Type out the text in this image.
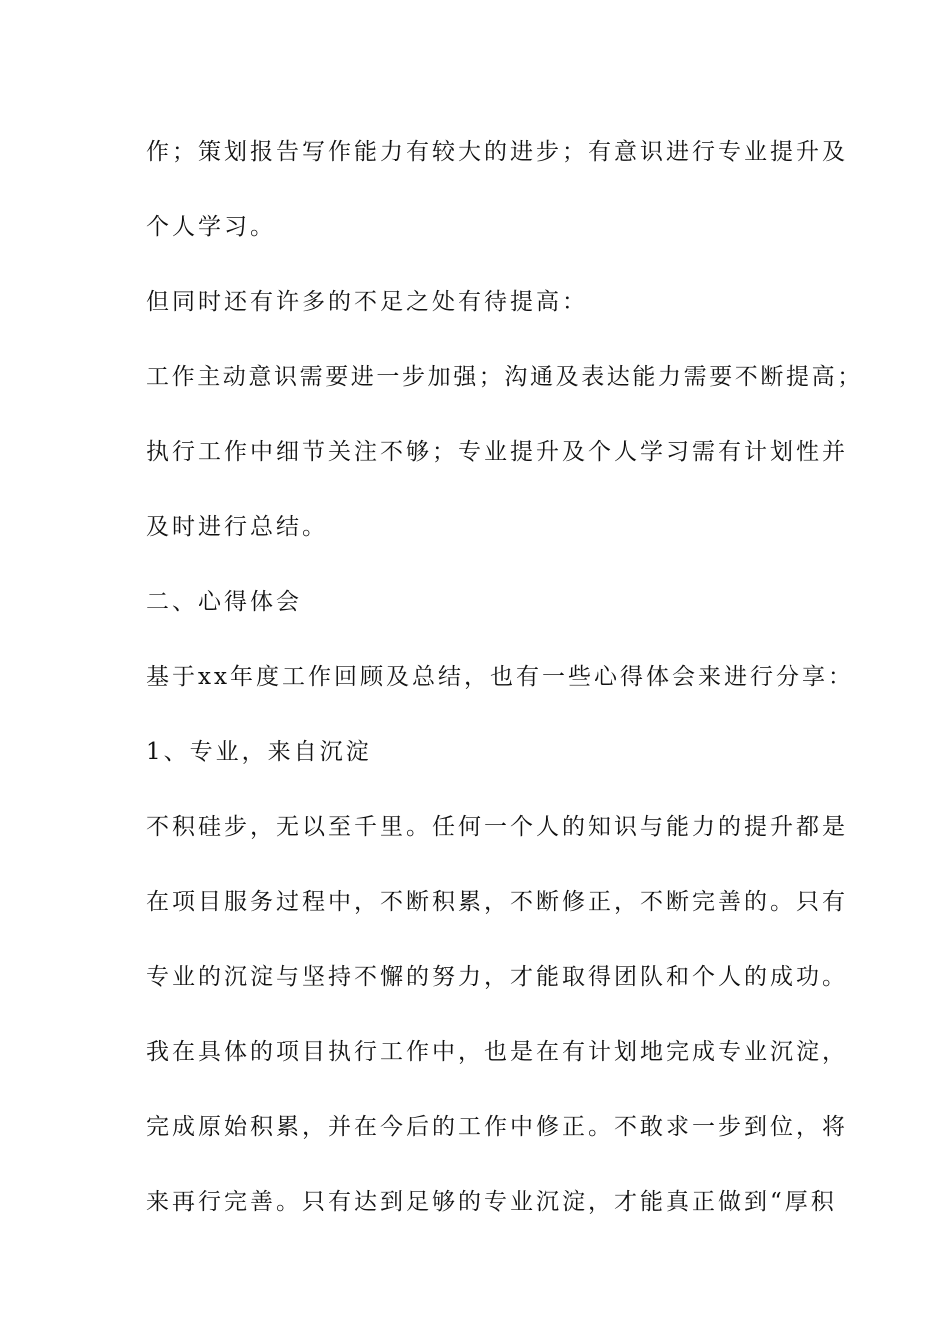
作；策划报告写作能力有较大的进步；有意识进行专业提升及
个人学习。
但同时还有许多的不足之处有待提高：
工作主动意识需要进一步加强；沟通及表达能力需要不断提高；
执行工作中细节关注不够；专业提升及个人学习需有计划性并
及时进行总结。
二、心得体会
基于xx年度工作回顾及总结，也有一些心得体会来进行分享：
1、专业，来自沉淀
不积硅步，无以至千里。任何一个人的知识与能力的提升都是
在项目服务过程中，不断积累，不断修正，不断完善的。只有
专业的沉淀与坚持不懈的努力，才能取得团队和个人的成功。
我在具体的项目执行工作中，也是在有计划地完成专业沉淀，
完成原始积累，并在今后的工作中修正。不敢求一步到位，将
来再行完善。只有达到足够的专业沉淀，才能真正做到“厚积
